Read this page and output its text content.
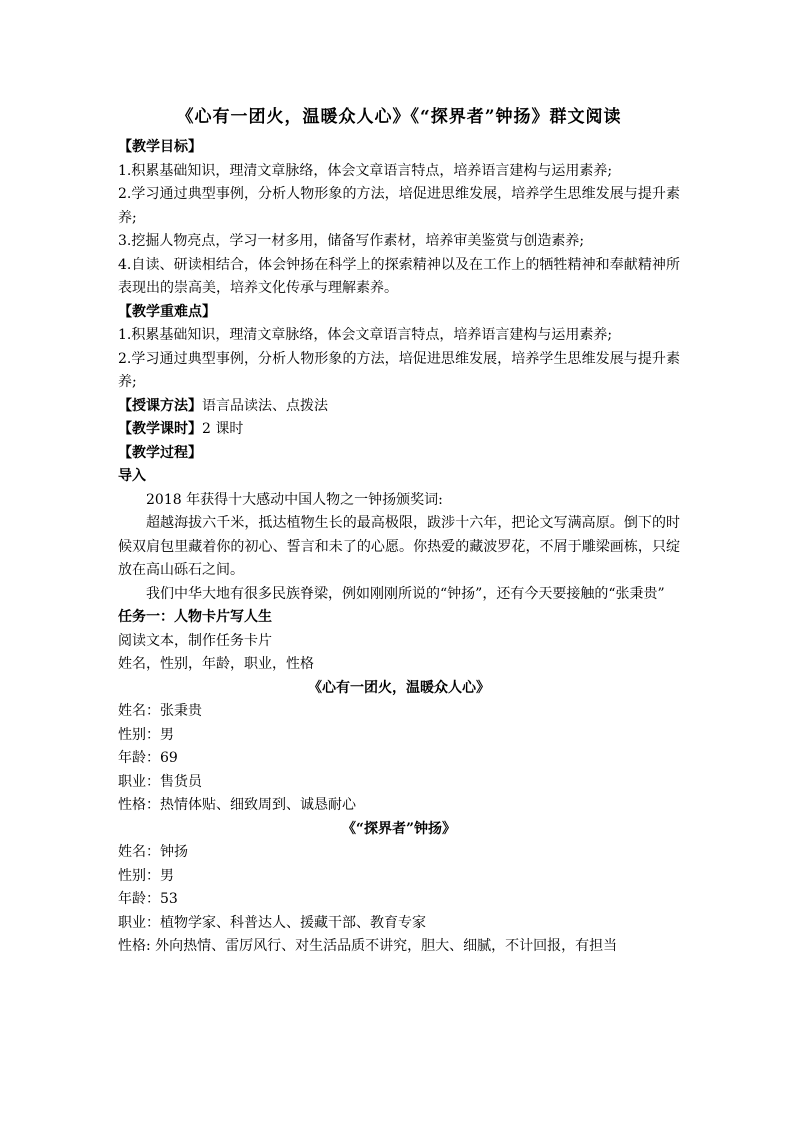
《心有一团火，温暖众人心》《“探界者”钟扬》群文阅读
【教学目标】
1.积累基础知识，理清文章脉络，体会文章语言特点，培养语言建构与运用素养;
2.学习通过典型事例，分析人物形象的方法，培促进思维发展，培养学生思维发展与提升素养;
3.挖掘人物亮点，学习一材多用，储备写作素材，培养审美鉴赏与创造素养;
4.自读、研读相结合，体会钟扬在科学上的探索精神以及在工作上的牺牲精神和奉献精神所表现出的崇高美，培养文化传承与理解素养。
【教学重难点】
1.积累基础知识，理清文章脉络，体会文章语言特点，培养语言建构与运用素养;
2.学习通过典型事例，分析人物形象的方法，培促进思维发展，培养学生思维发展与提升素养;
【授课方法】语言品读法、点拨法
【教学课时】2 课时
【教学过程】
导入
2018 年获得十大感动中国人物之一钟扬颁奖词:
超越海拔六千米，抵达植物生长的最高极限，跋涉十六年，把论文写满高原。倒下的时候双肩包里藏着你的初心、誓言和未了的心愿。你热爱的藏波罗花，不屑于雕梁画栋，只绽放在高山砾石之间。
我们中华大地有很多民族脊梁，例如刚刚所说的“钟扬”，还有今天要接触的“张秉贵”
任务一：人物卡片写人生
阅读文本，制作任务卡片
姓名，性别，年龄，职业，性格
《心有一团火，温暖众人心》
姓名：张秉贵
性别：男
年龄：69
职业：售货员
性格：热情体贴、细致周到、诚恳耐心
《“探界者”钟扬》
姓名：钟扬
性别：男
年龄：53
职业：植物学家、科普达人、援藏干部、教育专家
性格: 外向热情、雷厉风行、对生活品质不讲究，胆大、细腻，不计回报，有担当
